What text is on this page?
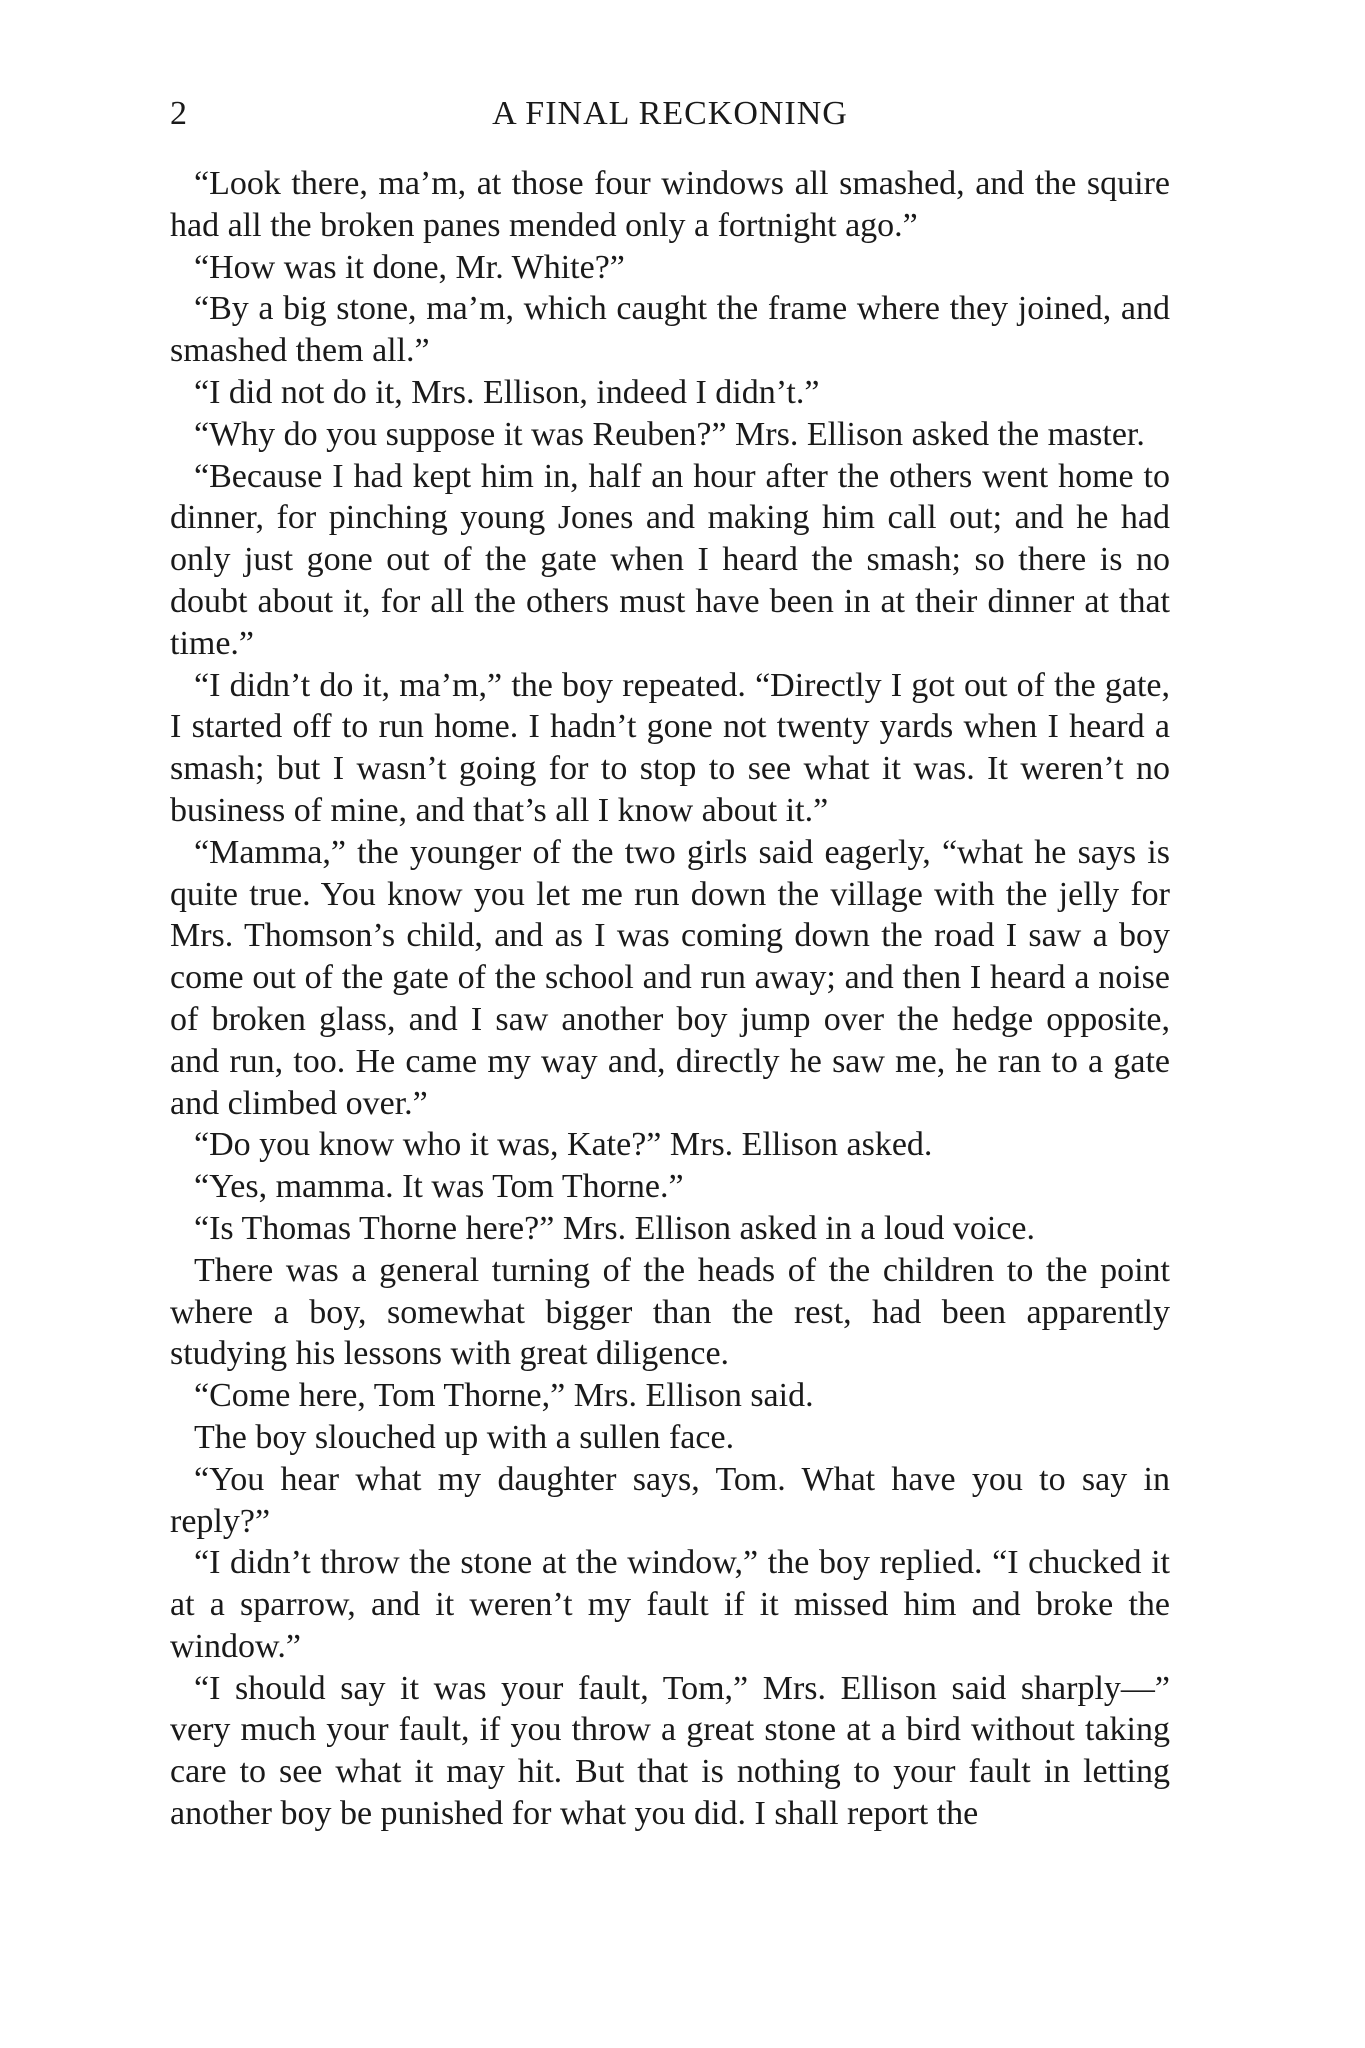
2	A FINAL RECKONING

“Look there, ma’m, at those four windows all smashed, and the squire had all the broken panes mended only a fortnight ago.”

“How was it done, Mr. White?”

“By a big stone, ma’m, which caught the frame where they joined, and smashed them all.”

“I did not do it, Mrs. Ellison, indeed I didn’t.”

“Why do you suppose it was Reuben?” Mrs. Ellison asked the master.

“Because I had kept him in, half an hour after the others went home to dinner, for pinching young Jones and making him call out; and he had only just gone out of the gate when I heard the smash; so there is no doubt about it, for all the others must have been in at their dinner at that time.”

“I didn’t do it, ma’m,” the boy repeated. “Directly I got out of the gate, I started off to run home. I hadn’t gone not twenty yards when I heard a smash; but I wasn’t going for to stop to see what it was. It weren’t no business of mine, and that’s all I know about it.”

“Mamma,” the younger of the two girls said eagerly, “what he says is quite true. You know you let me run down the village with the jelly for Mrs. Thomson’s child, and as I was coming down the road I saw a boy come out of the gate of the school and run away; and then I heard a noise of broken glass, and I saw another boy jump over the hedge opposite, and run, too. He came my way and, directly he saw me, he ran to a gate and climbed over.”

“Do you know who it was, Kate?” Mrs. Ellison asked.

“Yes, mamma. It was Tom Thorne.”

“Is Thomas Thorne here?” Mrs. Ellison asked in a loud voice.

There was a general turning of the heads of the children to the point where a boy, somewhat bigger than the rest, had been apparently studying his lessons with great diligence.

“Come here, Tom Thorne,” Mrs. Ellison said.

The boy slouched up with a sullen face.

“You hear what my daughter says, Tom. What have you to say in reply?”

“I didn’t throw the stone at the window,” the boy replied. “I chucked it at a sparrow, and it weren’t my fault if it missed him and broke the window.”

“I should say it was your fault, Tom,” Mrs. Ellison said sharply—” very much your fault, if you throw a great stone at a bird without taking care to see what it may hit. But that is nothing to your fault in letting another boy be punished for what you did. I shall report the
